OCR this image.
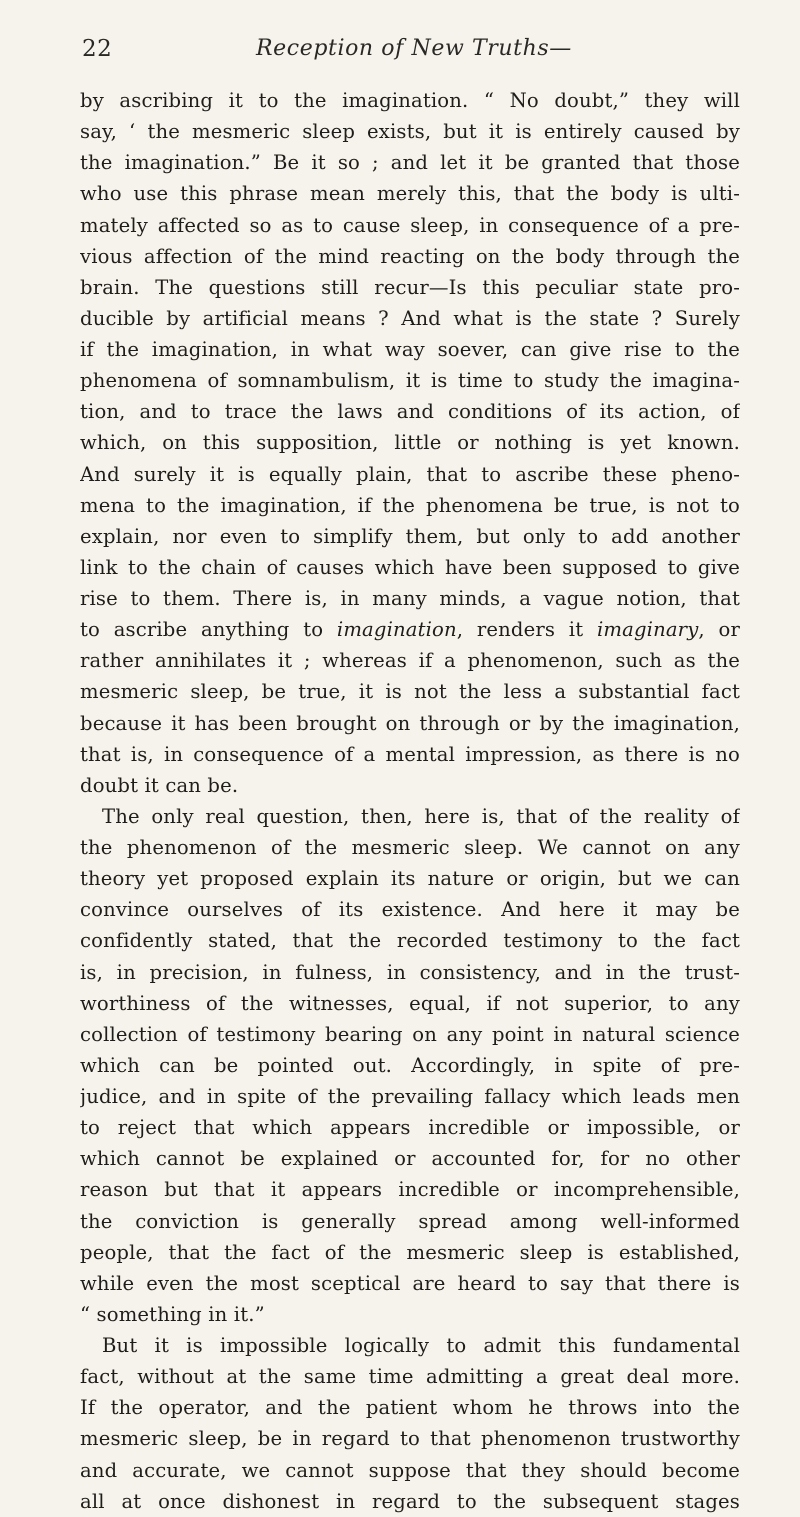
22	Reception of New Truths—
by ascribing it to the imagination. “ No doubt,” they will
say, ‘ the mesmeric sleep exists, but it is entirely caused by
the imagination.” Be it so ; and let it be granted that those
who use this phrase mean merely this, that the body is ulti-
mately affected so as to cause sleep, in consequence of a pre-
vious affection of the mind reacting on the body through the
brain. The questions still recur—Is this peculiar state pro-
ducible by artificial means ? And what is the state ? Surely
if the imagination, in what way soever, can give rise to the
phenomena of somnambulism, it is time to study the imagina-
tion, and to trace the laws and conditions of its action, of
which, on this supposition, little or nothing is yet known.
And surely it is equally plain, that to ascribe these pheno-
mena to the imagination, if the phenomena be true, is not to
explain, nor even to simplify them, but only to add another
link to the chain of causes which have been supposed to give
rise to them. There is, in many minds, a vague notion, that
to ascribe anything to imagination, renders it imaginary, or
rather annihilates it ; whereas if a phenomenon, such as the
mesmeric sleep, be true, it is not the less a substantial fact
because it has been brought on through or by the imagination,
that is, in consequence of a mental impression, as there is no
doubt it can be.
The only real question, then, here is, that of the reality of
the phenomenon of the mesmeric sleep. We cannot on any
theory yet proposed explain its nature or origin, but we can
convince ourselves of its existence. And here it may be
confidently stated, that the recorded testimony to the fact
is, in precision, in fulness, in consistency, and in the trust-
worthiness of the witnesses, equal, if not superior, to any
collection of testimony bearing on any point in natural science
which can be pointed out. Accordingly, in spite of pre-
judice, and in spite of the prevailing fallacy which leads men
to reject that which appears incredible or impossible, or
which cannot be explained or accounted for, for no other
reason but that it appears incredible or incomprehensible,
the conviction is generally spread among well-informed
people, that the fact of the mesmeric sleep is established,
while even the most sceptical are heard to say that there is
“ something in it.”
But it is impossible logically to admit this fundamental
fact, without at the same time admitting a great deal more.
If the operator, and the patient whom he throws into the
mesmeric sleep, be in regard to that phenomenon trustworthy
and accurate, we cannot suppose that they should become
all at once dishonest in regard to the subsequent stages
